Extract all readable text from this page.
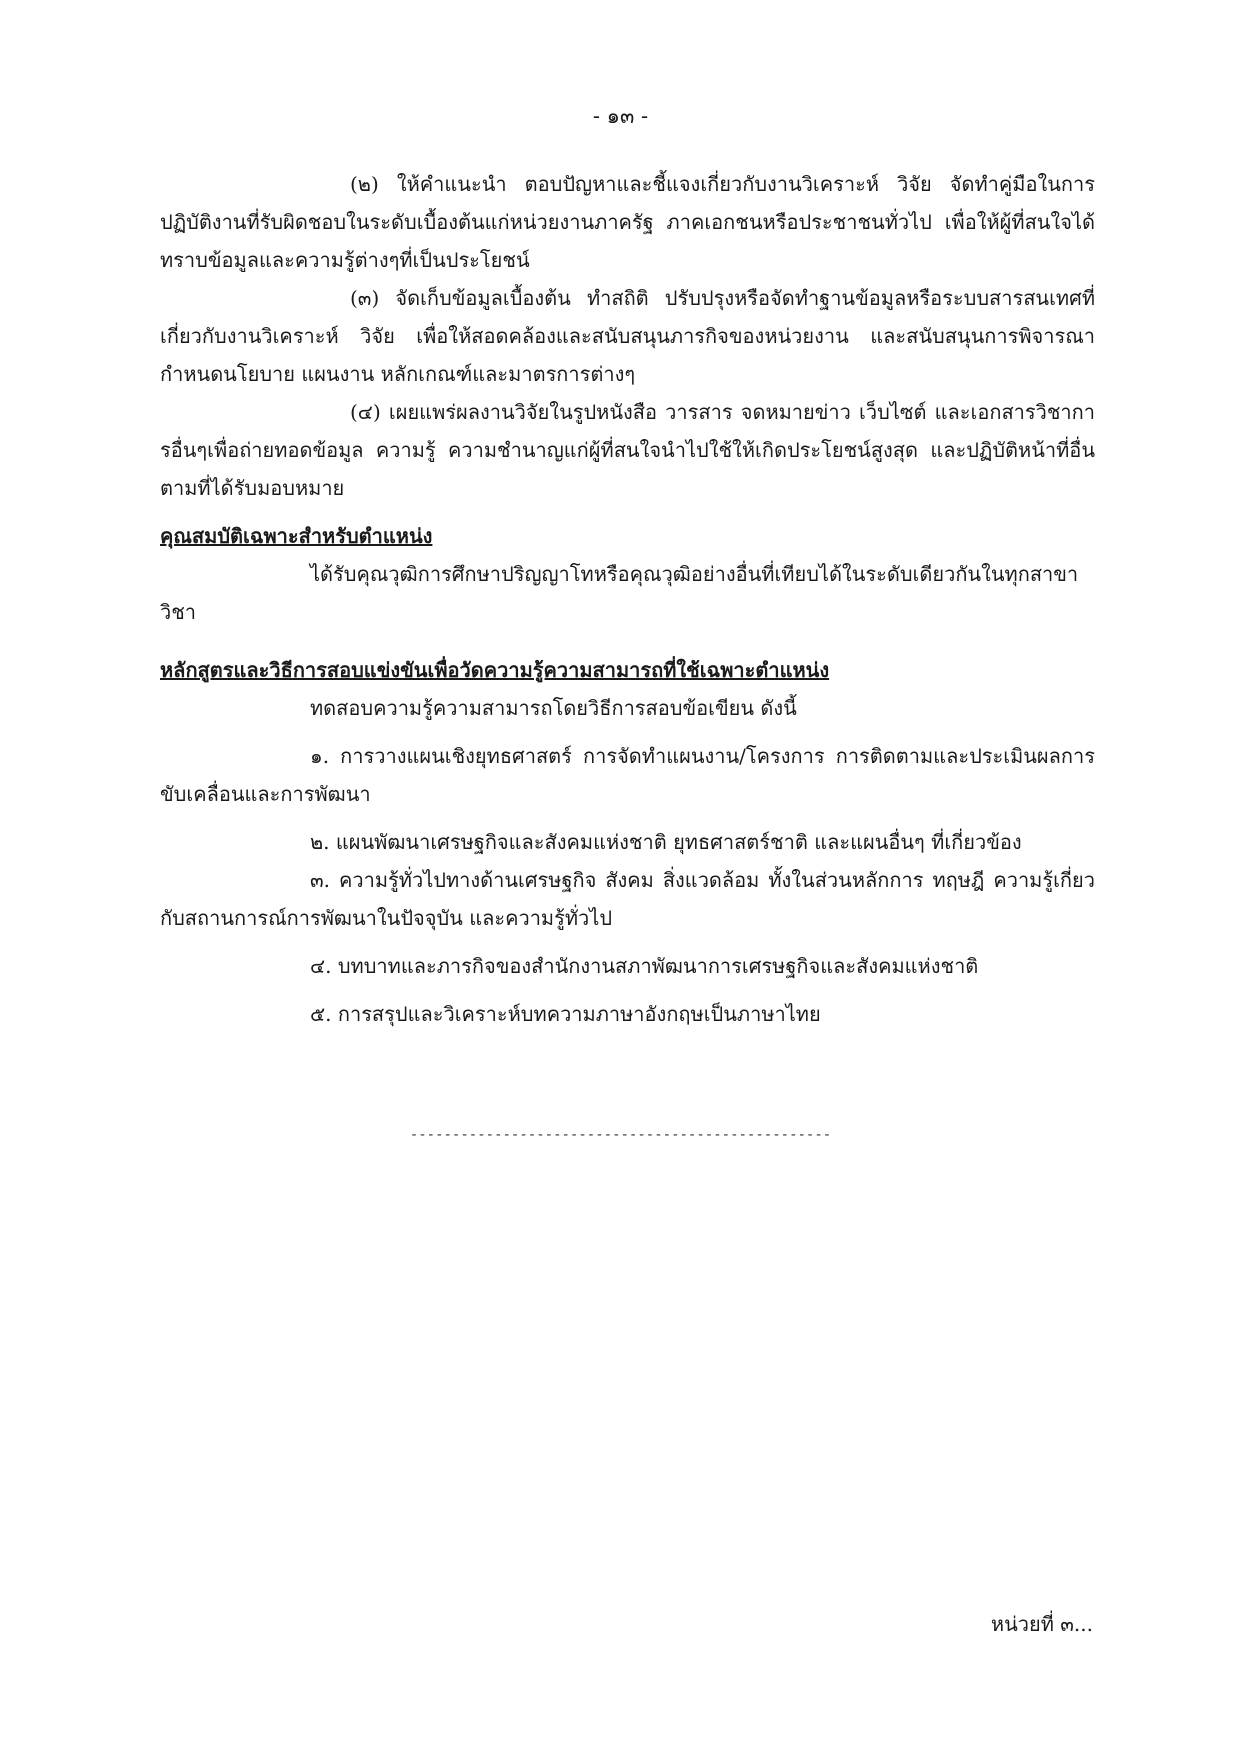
- ๑๓ -

(๒) ให้คำแนะนำ ตอบปัญหาและชี้แจงเกี่ยวกับงานวิเคราะห์ วิจัย จัดทำคู่มือในการปฏิบัติงานที่รับผิดชอบในระดับเบื้องต้นแก่หน่วยงานภาครัฐ ภาคเอกชนหรือประชาชนทั่วไป เพื่อให้ผู้ที่สนใจได้ทราบข้อมูลและความรู้ต่างๆที่เป็นประโยชน์

(๓) จัดเก็บข้อมูลเบื้องต้น ทำสถิติ ปรับปรุงหรือจัดทำฐานข้อมูลหรือระบบสารสนเทศที่เกี่ยวกับงานวิเคราะห์ วิจัย เพื่อให้สอดคล้องและสนับสนุนภารกิจของหน่วยงาน และสนับสนุนการพิจารณากำหนดนโยบาย แผนงาน หลักเกณฑ์และมาตรการต่างๆ

(๔) เผยแพร่ผลงานวิจัยในรูปหนังสือ วารสาร จดหมายข่าว เว็บไซต์ และเอกสารวิชาการอื่นๆเพื่อถ่ายทอดข้อมูล ความรู้ ความชำนาญแก่ผู้ที่สนใจนำไปใช้ให้เกิดประโยชน์สูงสุด และปฏิบัติหน้าที่อื่นตามที่ได้รับมอบหมาย

คุณสมบัติเฉพาะสำหรับตำแหน่ง

ได้รับคุณวุฒิการศึกษาปริญญาโทหรือคุณวุฒิอย่างอื่นที่เทียบได้ในระดับเดียวกันในทุกสาขาวิชา

หลักสูตรและวิธีการสอบแข่งขันเพื่อวัดความรู้ความสามารถที่ใช้เฉพาะตำแหน่ง

ทดสอบความรู้ความสามารถโดยวิธีการสอบข้อเขียน ดังนี้

๑. การวางแผนเชิงยุทธศาสตร์ การจัดทำแผนงาน/โครงการ การติดตามและประเมินผลการขับเคลื่อนและการพัฒนา

๒. แผนพัฒนาเศรษฐกิจและสังคมแห่งชาติ ยุทธศาสตร์ชาติ และแผนอื่นๆ ที่เกี่ยวข้อง

๓. ความรู้ทั่วไปทางด้านเศรษฐกิจ สังคม สิ่งแวดล้อม ทั้งในส่วนหลักการ ทฤษฎี ความรู้เกี่ยวกับสถานการณ์การพัฒนาในปัจจุบัน และความรู้ทั่วไป

๔. บทบาทและภารกิจของสำนักงานสภาพัฒนาการเศรษฐกิจและสังคมแห่งชาติ

๕. การสรุปและวิเคราะห์บทความภาษาอังกฤษเป็นภาษาไทย

--------------------------------------------------
หน่วยที่ ๓...
